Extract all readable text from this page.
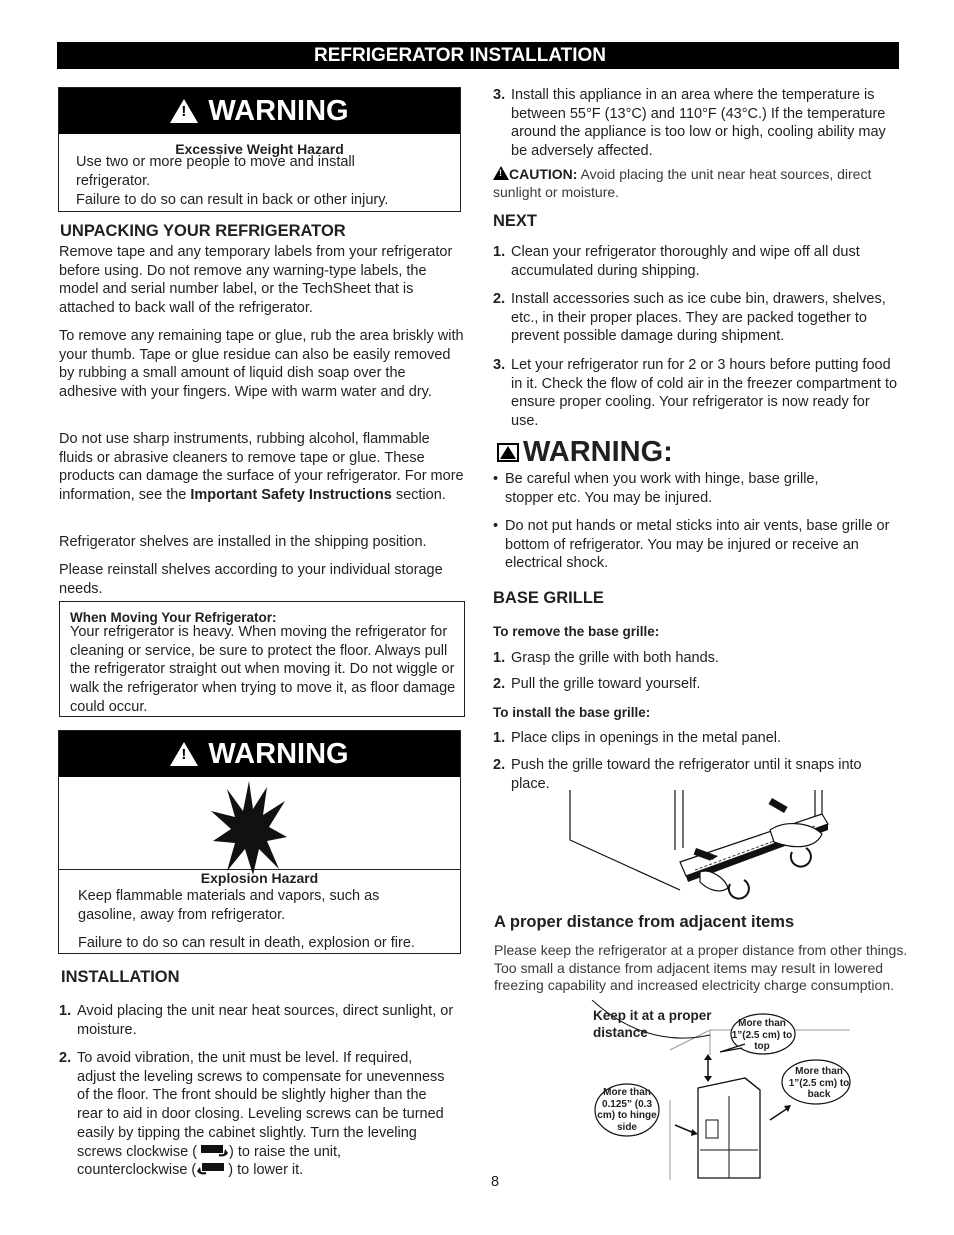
REFRIGERATOR INSTALLATION
! WARNING
Excessive Weight Hazard

Use two or more people to move and install refrigerator.

Failure to do so can result in back or other injury.

UNPACKING YOUR REFRIGERATOR

Remove tape and any temporary labels from your refrigerator before using. Do not remove any warning-type labels, the model and serial number label, or the TechSheet that is attached to back wall of the refrigerator.

To remove any remaining tape or glue, rub the area briskly with your thumb. Tape or glue residue can also be easily removed by rubbing a small amount of liquid dish soap over the adhesive with your fingers. Wipe with warm water and dry.

Do not use sharp instruments, rubbing alcohol, flammable fluids or abrasive cleaners to remove tape or glue. These products can damage the surface of your refrigerator. For more information, see the Important Safety Instructions section.

Refrigerator shelves are installed in the shipping position.

Please reinstall shelves according to your individual storage needs.

When Moving Your Refrigerator:

Your refrigerator is heavy. When moving the refrigerator for cleaning or service, be sure to protect the floor. Always pull the refrigerator straight out when moving it. Do not wiggle or walk the refrigerator when trying to move it, as floor damage could occur.

! WARNING
Explosion Hazard

Keep flammable materials and vapors, such as gasoline, away from refrigerator.

Failure to do so can result in death, explosion or fire.

INSTALLATION
1. Avoid placing the unit near heat sources, direct sunlight, or moisture.
2. To avoid vibration, the unit must be level. If required, adjust the leveling screws to compensate for unevenness of the floor. The front should be slightly higher than the rear to aid in door closing. Leveling screws can be turned easily by tipping the cabinet slightly. Turn the leveling screws clockwise ( ) to raise the unit, counterclockwise ( ) to lower it.
8
3. Install this appliance in an area where the temperature is between 55°F (13°C) and 110°F (43°C.) If the temperature around the appliance is too low or high, cooling ability may be adversely affected.
! CAUTION: Avoid placing the unit near heat sources, direct sunlight or moisture.
NEXT
1. Clean your refrigerator thoroughly and wipe off all dust accumulated during shipping.
2. Install accessories such as ice cube bin, drawers, shelves, etc., in their proper places. They are packed together to prevent possible damage during shipment.
3. Let your refrigerator run for 2 or 3 hours before putting food in it. Check the flow of cold air in the freezer compartment to ensure proper cooling. Your refrigerator is now ready for use.
WARNING:
• Be careful when you work with hinge, base grille, stopper etc. You may be injured.
• Do not put hands or metal sticks into air vents, base grille or bottom of refrigerator. You may be injured or receive an electrical shock.
BASE GRILLE
To remove the base grille:
1. Grasp the grille with both hands.
2. Pull the grille toward yourself.
To install the base grille:
1. Place clips in openings in the metal panel.
2. Push the grille toward the refrigerator until it snaps into place.
A proper distance from adjacent items

Please keep the refrigerator at a proper distance from other things. Too small a distance from adjacent items may result in lowered freezing capability and increased electricity charge consumption.

Keep it at a proper distance
More than 1”(2.5 cm) to top
More than 1”(2.5 cm) to back
More than 0.125” (0.3 cm) to hinge side
